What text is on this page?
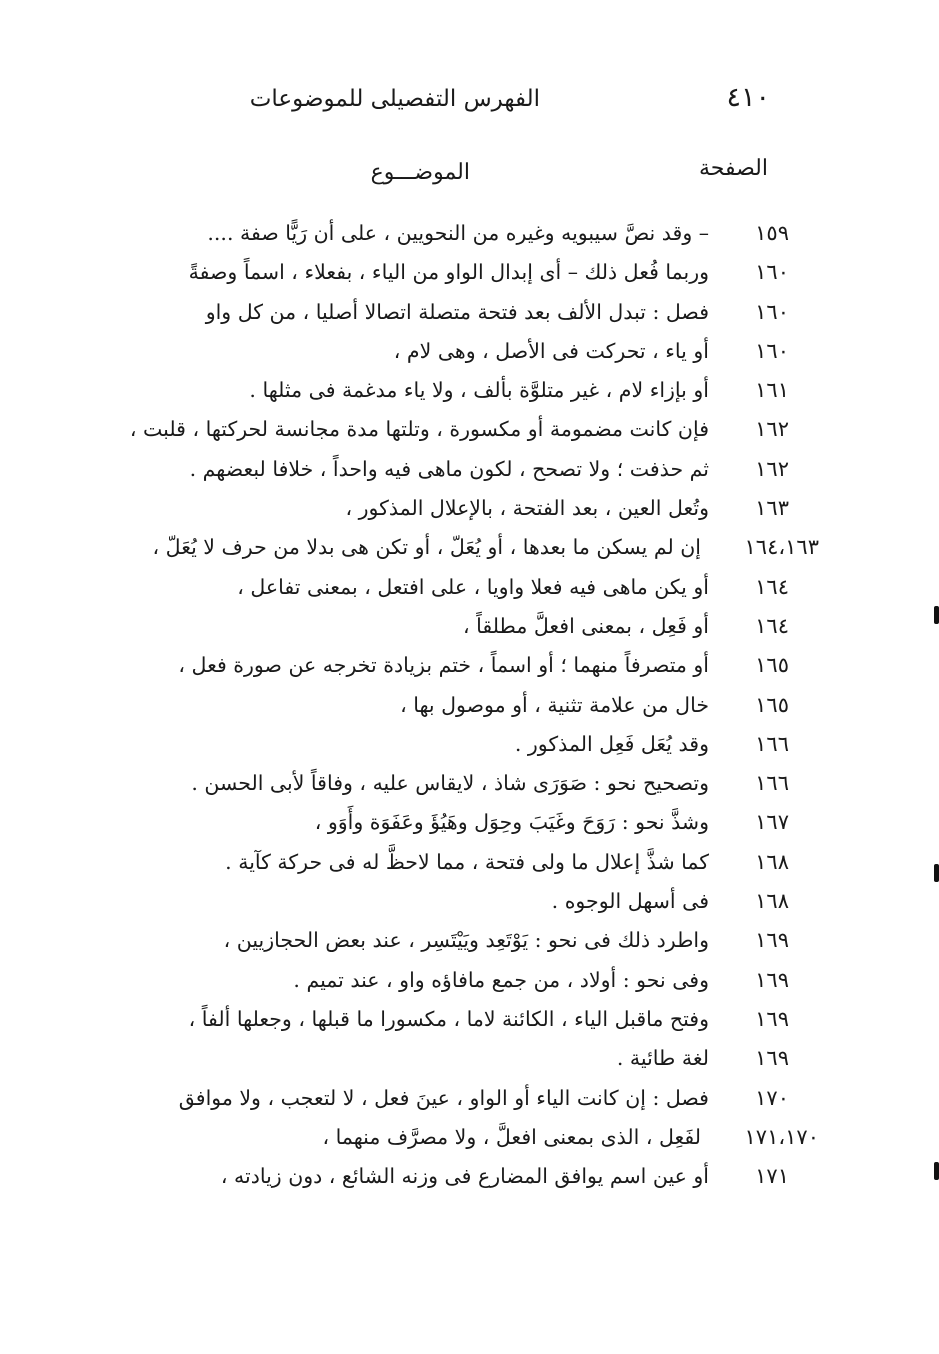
٤١٠
الفهرس التفصيلى للموضوعات
الصفحة
الموضـــوع
١٥٩
– وقد نصَّ سيبويه وغيره من النحويين ، على أن رَيًّا صفة ....
١٦٠
وربما فُعل ذلك – أى إبدال الواو من الياء ، بفعلاء ، اسماً وصفةً
١٦٠
فصل : تبدل الألف بعد فتحة متصلة اتصالا أصليا ، من كل واو
١٦٠
أو ياء ، تحركت فى الأصل ، وهى لام ،
١٦١
أو بإزاء لام ، غير متلوَّة بألف ، ولا ياء مدغمة فى مثلها .
١٦٢
فإن كانت مضمومة أو مكسورة ، وتلتها مدة مجانسة لحركتها ، قلبت ،
١٦٢
ثم حذفت ؛ ولا تصحح ، لكون ماهى فيه واحداً ، خلافا لبعضهم .
١٦٣
وتُعل العين ، بعد الفتحة ، بالإعلال المذكور ،
١٦٤،١٦٣
إن لم يسكن ما بعدها ، أو يُعَلّ ، أو تكن هى بدلا من حرف لا يُعَلّ ،
١٦٤
أو يكن ماهى فيه فعلا واويا ، على افتعل ، بمعنى تفاعل ،
١٦٤
أو فَعِل ، بمعنى افعلَّ مطلقاً ،
١٦٥
أو متصرفاً منهما ؛ أو اسماً ، ختم بزيادة تخرجه عن صورة فعل ،
١٦٥
خال من علامة تثنية ، أو موصول بها ،
١٦٦
وقد يُعَل فَعِل المذكور .
١٦٦
وتصحيح نحو : صَوَرَى شاذ ، لايقاس عليه ، وفاقاً لأبى الحسن .
١٦٧
وشذَّ نحو : رَوَحَ وغَيَبَ وحِوَل وهَيُؤَ وعَفَوَة وأَوَو ،
١٦٨
كما شذَّ إعلال ما ولى فتحة ، مما لاحظَّ له فى حركة كآية .
١٦٨
فى أسهل الوجوه .
١٦٩
واطرد ذلك فى نحو : يَوْتَعِد ويَيْتَسِر ، عند بعض الحجازيين ،
١٦٩
وفى نحو : أولاد ، من جمع مافاؤه واو ، عند تميم .
١٦٩
وفتح ماقبل الياء ، الكائنة لاما ، مكسورا ما قبلها ، وجعلها ألفاً ،
١٦٩
لغة طائية .
١٧٠
فصل : إن كانت الياء أو الواو ، عينَ فعل ، لا لتعجب ، ولا موافق
١٧١،١٧٠
لفَعِل ، الذى بمعنى افعلَّ ، ولا مصرَّف منهما ،
١٧١
أو عين اسم يوافق المضارع فى وزنه الشائع ، دون زيادته ،
